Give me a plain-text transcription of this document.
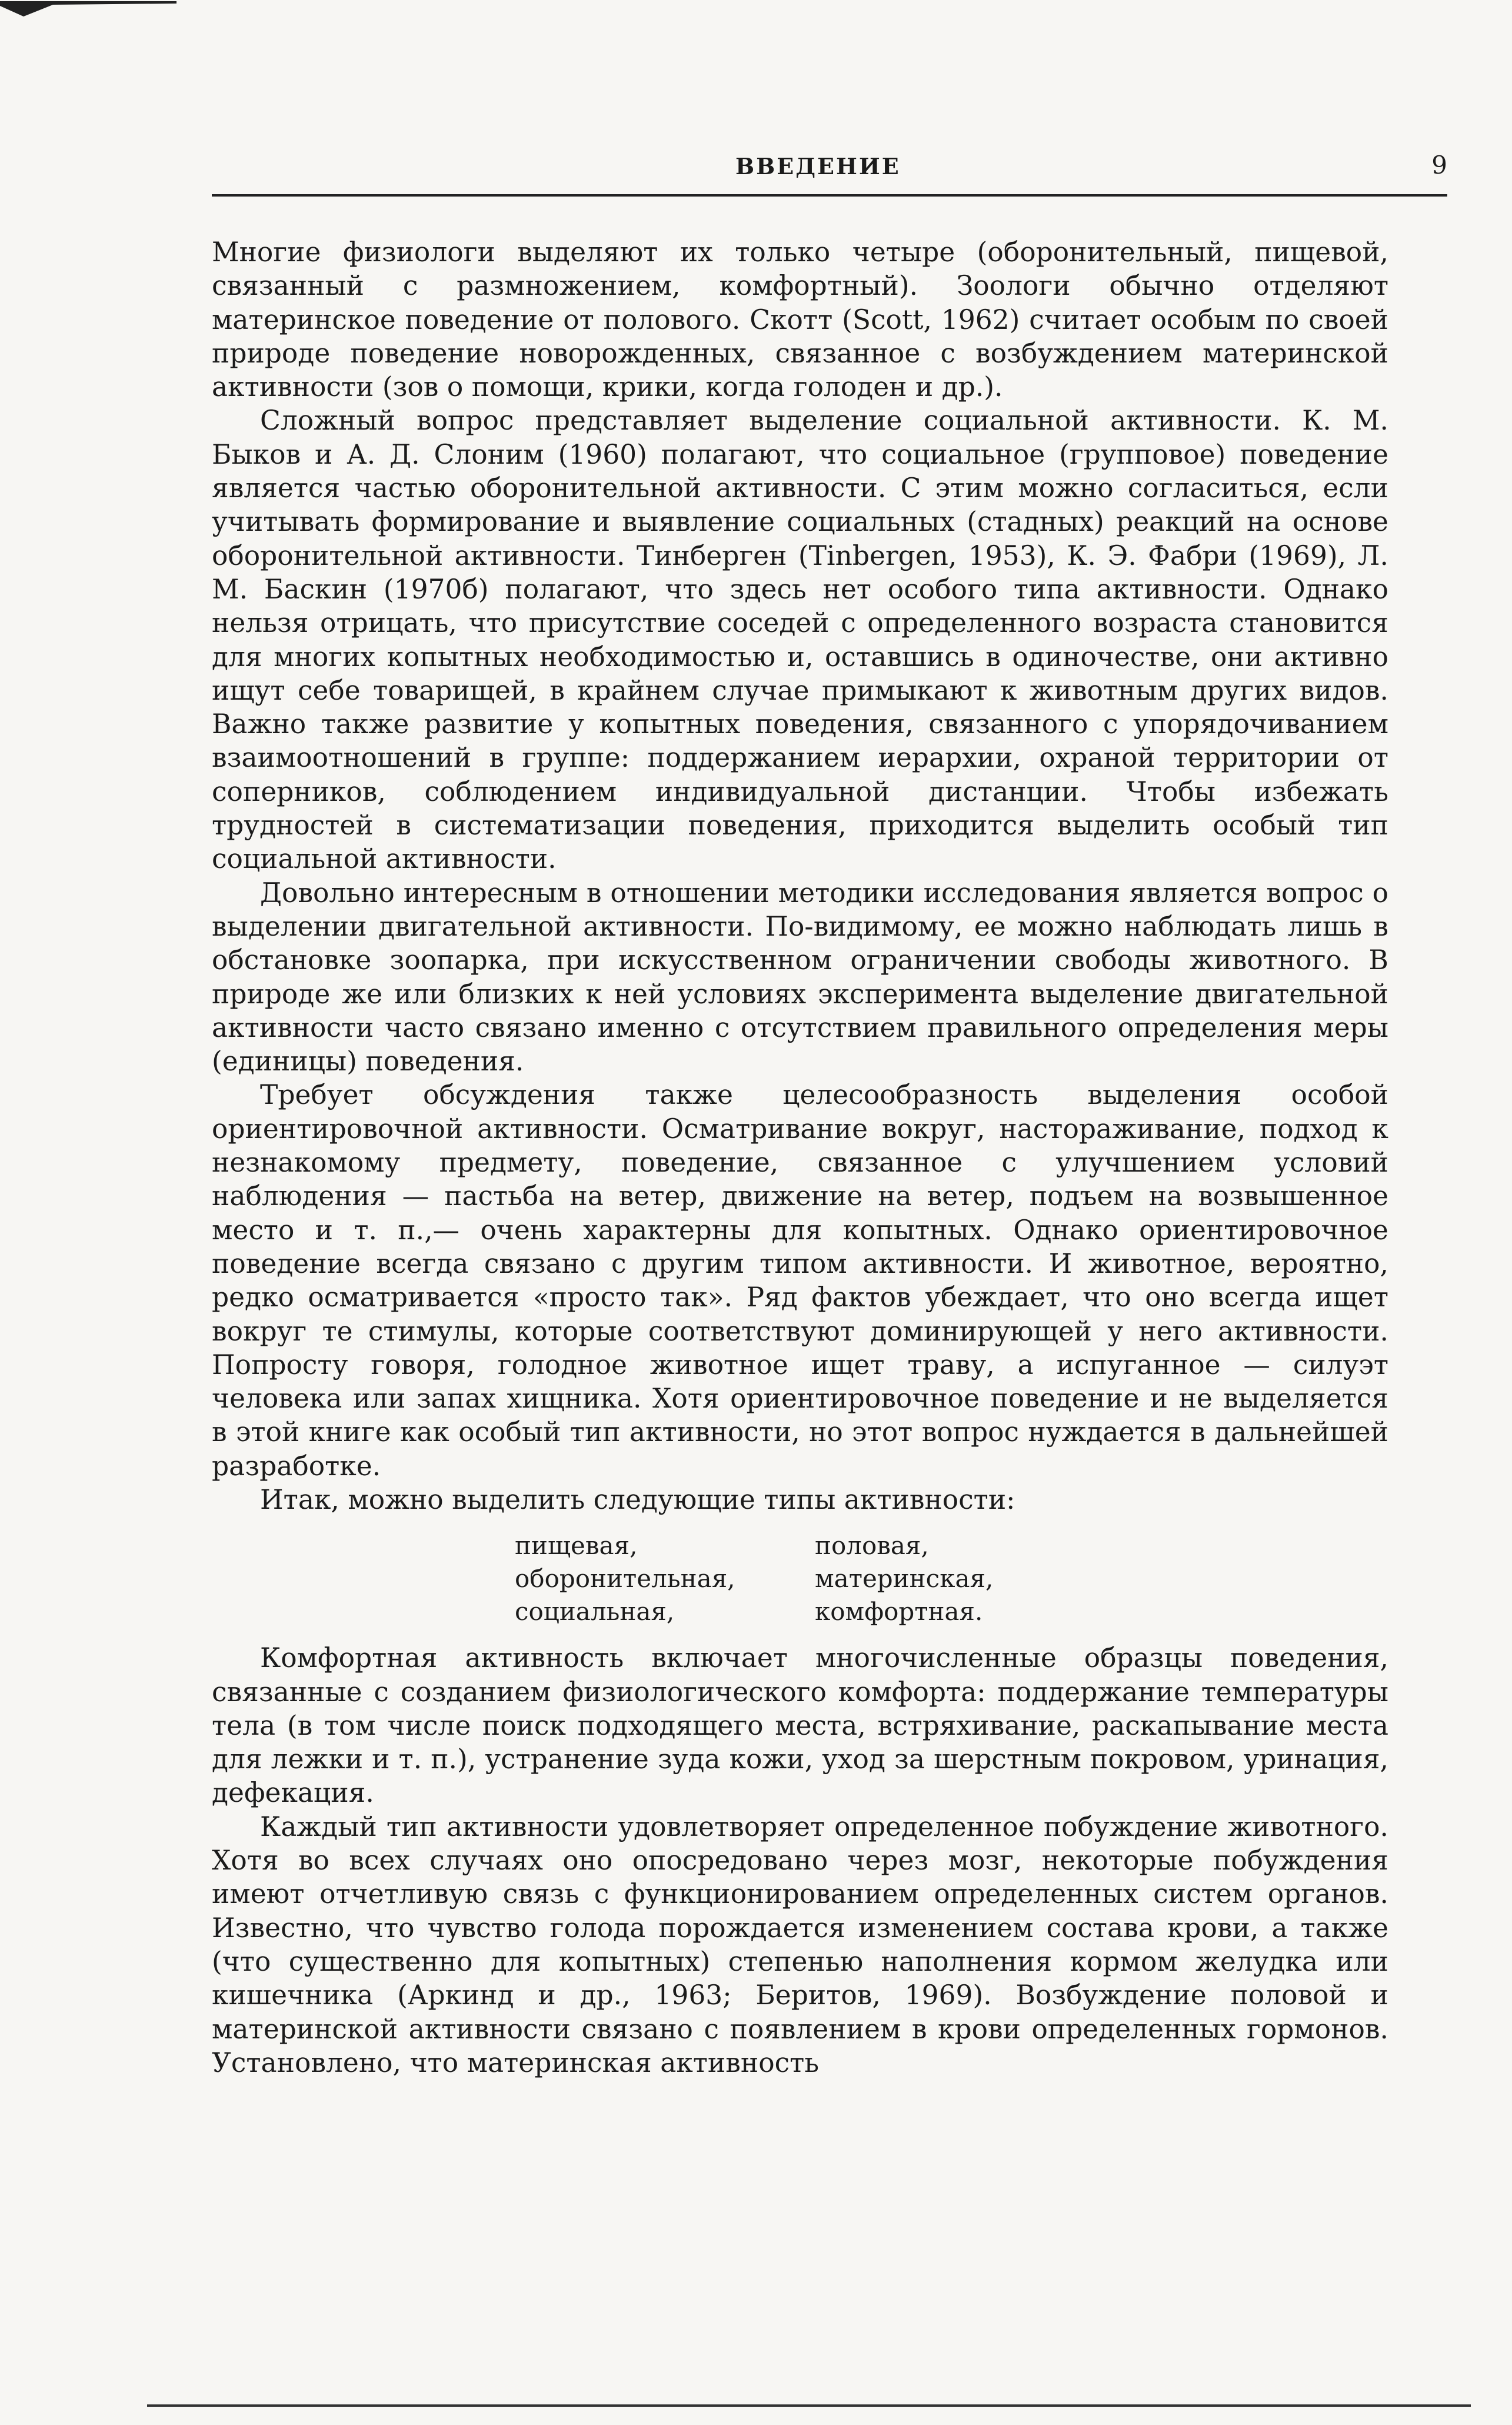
ВВЕДЕНИЕ	9

Многие физиологи выделяют их только четыре (оборонительный, пищевой, связанный с размножением, комфортный). Зоологи обычно отделяют материнское поведение от полового. Скотт (Scott, 1962) считает особым по своей природе поведение новорожденных, связанное с возбуждением материнской активности (зов о помощи, крики, когда голоден и др.).

Сложный вопрос представляет выделение социальной активности. К. М. Быков и А. Д. Слоним (1960) полагают, что социальное (групповое) поведение является частью оборонительной активности. С этим можно согласиться, если учитывать формирование и выявление социальных (стадных) реакций на основе оборонительной активности. Тинберген (Tinbergen, 1953), К. Э. Фабри (1969), Л. М. Баскин (1970б) полагают, что здесь нет особого типа активности. Однако нельзя отрицать, что присутствие соседей с определенного возраста становится для многих копытных необходимостью и, оставшись в одиночестве, они активно ищут себе товарищей, в крайнем случае примыкают к животным других видов. Важно также развитие у копытных поведения, связанного с упорядочиванием взаимоотношений в группе: поддержанием иерархии, охраной территории от соперников, соблюдением индивидуальной дистанции. Чтобы избежать трудностей в систематизации поведения, приходится выделить особый тип социальной активности.

Довольно интересным в отношении методики исследования является вопрос о выделении двигательной активности. По-видимому, ее можно наблюдать лишь в обстановке зоопарка, при искусственном ограничении свободы животного. В природе же или близких к ней условиях эксперимента выделение двигательной активности часто связано именно с отсутствием правильного определения меры (единицы) поведения.

Требует обсуждения также целесообразность выделения особой ориентировочной активности. Осматривание вокруг, настораживание, подход к незнакомому предмету, поведение, связанное с улучшением условий наблюдения — пастьба на ветер, движение на ветер, подъем на возвышенное место и т. п.,— очень характерны для копытных. Однако ориентировочное поведение всегда связано с другим типом активности. И животное, вероятно, редко осматривается «просто так». Ряд фактов убеждает, что оно всегда ищет вокруг те стимулы, которые соответствуют доминирующей у него активности. Попросту говоря, голодное животное ищет траву, а испуганное — силуэт человека или запах хищника. Хотя ориентировочное поведение и не выделяется в этой книге как особый тип активности, но этот вопрос нуждается в дальнейшей разработке.

Итак, можно выделить следующие типы активности:

пищевая,	половая,
оборонительная,	материнская,
социальная,	комфортная.

Комфортная активность включает многочисленные образцы поведения, связанные с созданием физиологического комфорта: поддержание температуры тела (в том числе поиск подходящего места, встряхивание, раскапывание места для лежки и т. п.), устранение зуда кожи, уход за шерстным покровом, уринация, дефекация.

Каждый тип активности удовлетворяет определенное побуждение животного. Хотя во всех случаях оно опосредовано через мозг, некоторые побуждения имеют отчетливую связь с функционированием определенных систем органов. Известно, что чувство голода порождается изменением состава крови, а также (что существенно для копытных) степенью наполнения кормом желудка или кишечника (Аркинд и др., 1963; Беритов, 1969). Возбуждение половой и материнской активности связано с появлением в крови определенных гормонов. Установлено, что материнская активность
